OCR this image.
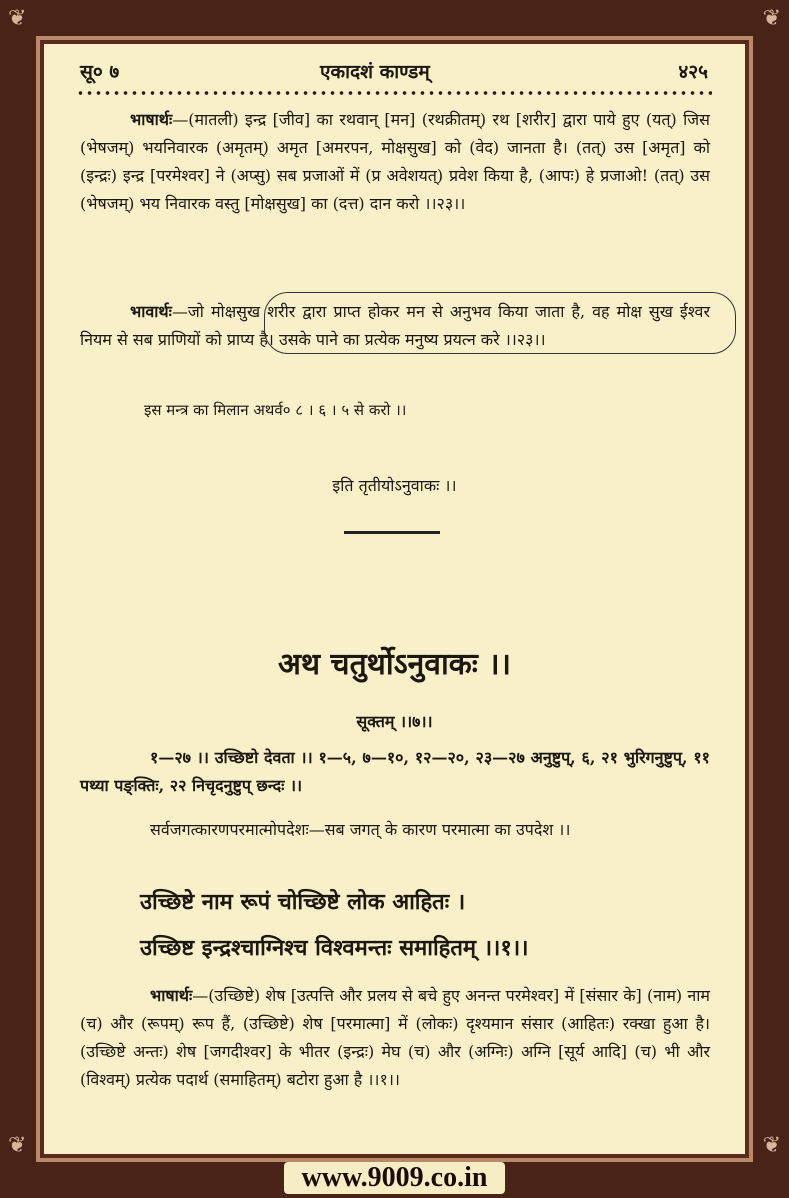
❦	❦
❦	❦
सू० ७	एकादशं काण्डम्	४२५
भाषार्थः—(मातली) इन्द्र [जीव] का रथवान् [मन] (रथक्रीतम्) रथ [शरीर] द्वारा पाये हुए (यत्) जिस (भेषजम्) भयनिवारक (अमृतम्) अमृत [अमरपन, मोक्षसुख] को (वेद) जानता है। (तत्) उस [अमृत] को (इन्द्रः) इन्द्र [परमेश्वर] ने (अप्सु) सब प्रजाओं में (प्र अवेशयत्) प्रवेश किया है, (आपः) हे प्रजाओ! (तत्) उस (भेषजम्) भय निवारक वस्तु [मोक्षसुख] का (दत्त) दान करो ।।२३।।
भावार्थः—जो मोक्षसुख शरीर द्वारा प्राप्त होकर मन से अनुभव किया जाता है, वह मोक्ष सुख ईश्वर नियम से सब प्राणियों को प्राप्य है। उसके पाने का प्रत्येक मनुष्य प्रयत्न करे ।।२३।।
इस मन्त्र का मिलान अथर्व० ८ । ६ । ५ से करो ।।
इति तृतीयोऽनुवाकः ।।
अथ चतुर्थोऽनुवाकः ।।
सूक्तम् ।।७।।
१—२७ ।। उच्छिष्टो देवता ।। १—५, ७—१०, १२—२०, २३—२७ अनुष्टुप्, ६, २१ भुरिगनुष्टुप्, ११ पथ्या पङ्क्तिः, २२ निचृदनुष्टुप् छन्दः ।।
सर्वजगत्कारणपरमात्मोपदेशः—सब जगत् के कारण परमात्मा का उपदेश ।।
उच्छिष्टे नाम रूपं चोच्छिष्टे लोक आहितः ।
उच्छिष्ट इन्द्रश्चाग्निश्च विश्वमन्तः समाहितम् ।।१।।
भाषार्थः—(उच्छिष्टे) शेष [उत्पत्ति और प्रलय से बचे हुए अनन्त परमेश्वर] में [संसार के] (नाम) नाम (च) और (रूपम्) रूप हैं, (उच्छिष्टे) शेष [परमात्मा] में (लोकः) दृश्यमान संसार (आहितः) रक्खा हुआ है। (उच्छिष्टे अन्तः) शेष [जगदीश्वर] के भीतर (इन्द्रः) मेघ (च) और (अग्निः) अग्नि [सूर्य आदि] (च) भी और (विश्वम्) प्रत्येक पदार्थ (समाहितम्) बटोरा हुआ है ।।१।।
www.9009.co.in
